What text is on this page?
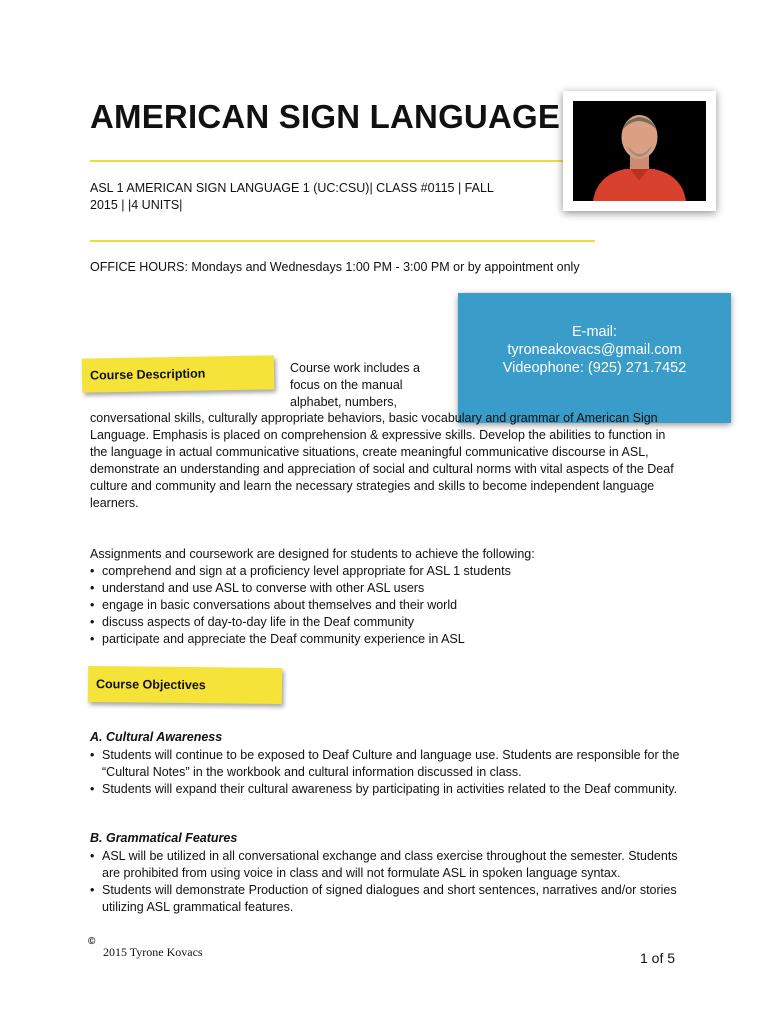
AMERICAN SIGN LANGUAGE
ASL 1 AMERICAN SIGN LANGUAGE 1 (UC:CSU)| CLASS #0115 | FALL 2015 | |4 UNITS|
OFFICE HOURS: Mondays and Wednesdays 1:00 PM - 3:00 PM or by appointment only
E-mail:
tyroneakovacs@gmail.com
Videophone: (925) 271.7452
Course Description	Course work includes a focus on the manual alphabet, numbers,
conversational skills, culturally appropriate behaviors, basic vocabulary and grammar of American Sign Language. Emphasis is placed on comprehension & expressive skills. Develop the abilities to function in the language in actual communicative situations, create meaningful communicative discourse in ASL, demonstrate an understanding and appreciation of social and cultural norms with vital aspects of the Deaf culture and community and learn the necessary strategies and skills to become independent language learners.
Assignments and coursework are designed for students to achieve the following:
• comprehend and sign at a proficiency level appropriate for ASL 1 students
• understand and use ASL to converse with other ASL users
• engage in basic conversations about themselves and their world
• discuss aspects of day-to-day life in the Deaf community
• participate and appreciate the Deaf community experience in ASL
Course Objectives
A. Cultural Awareness
• Students will continue to be exposed to Deaf Culture and language use. Students are responsible for the “Cultural Notes” in the workbook and cultural information discussed in class.
• Students will expand their cultural awareness by participating in activities related to the Deaf community.
B. Grammatical Features
• ASL will be utilized in all conversational exchange and class exercise throughout the semester. Students are prohibited from using voice in class and will not formulate ASL in spoken language syntax.
• Students will demonstrate Production of signed dialogues and short sentences, narratives and/or stories utilizing ASL grammatical features.
©
2015 Tyrone Kovacs	1 of 5
